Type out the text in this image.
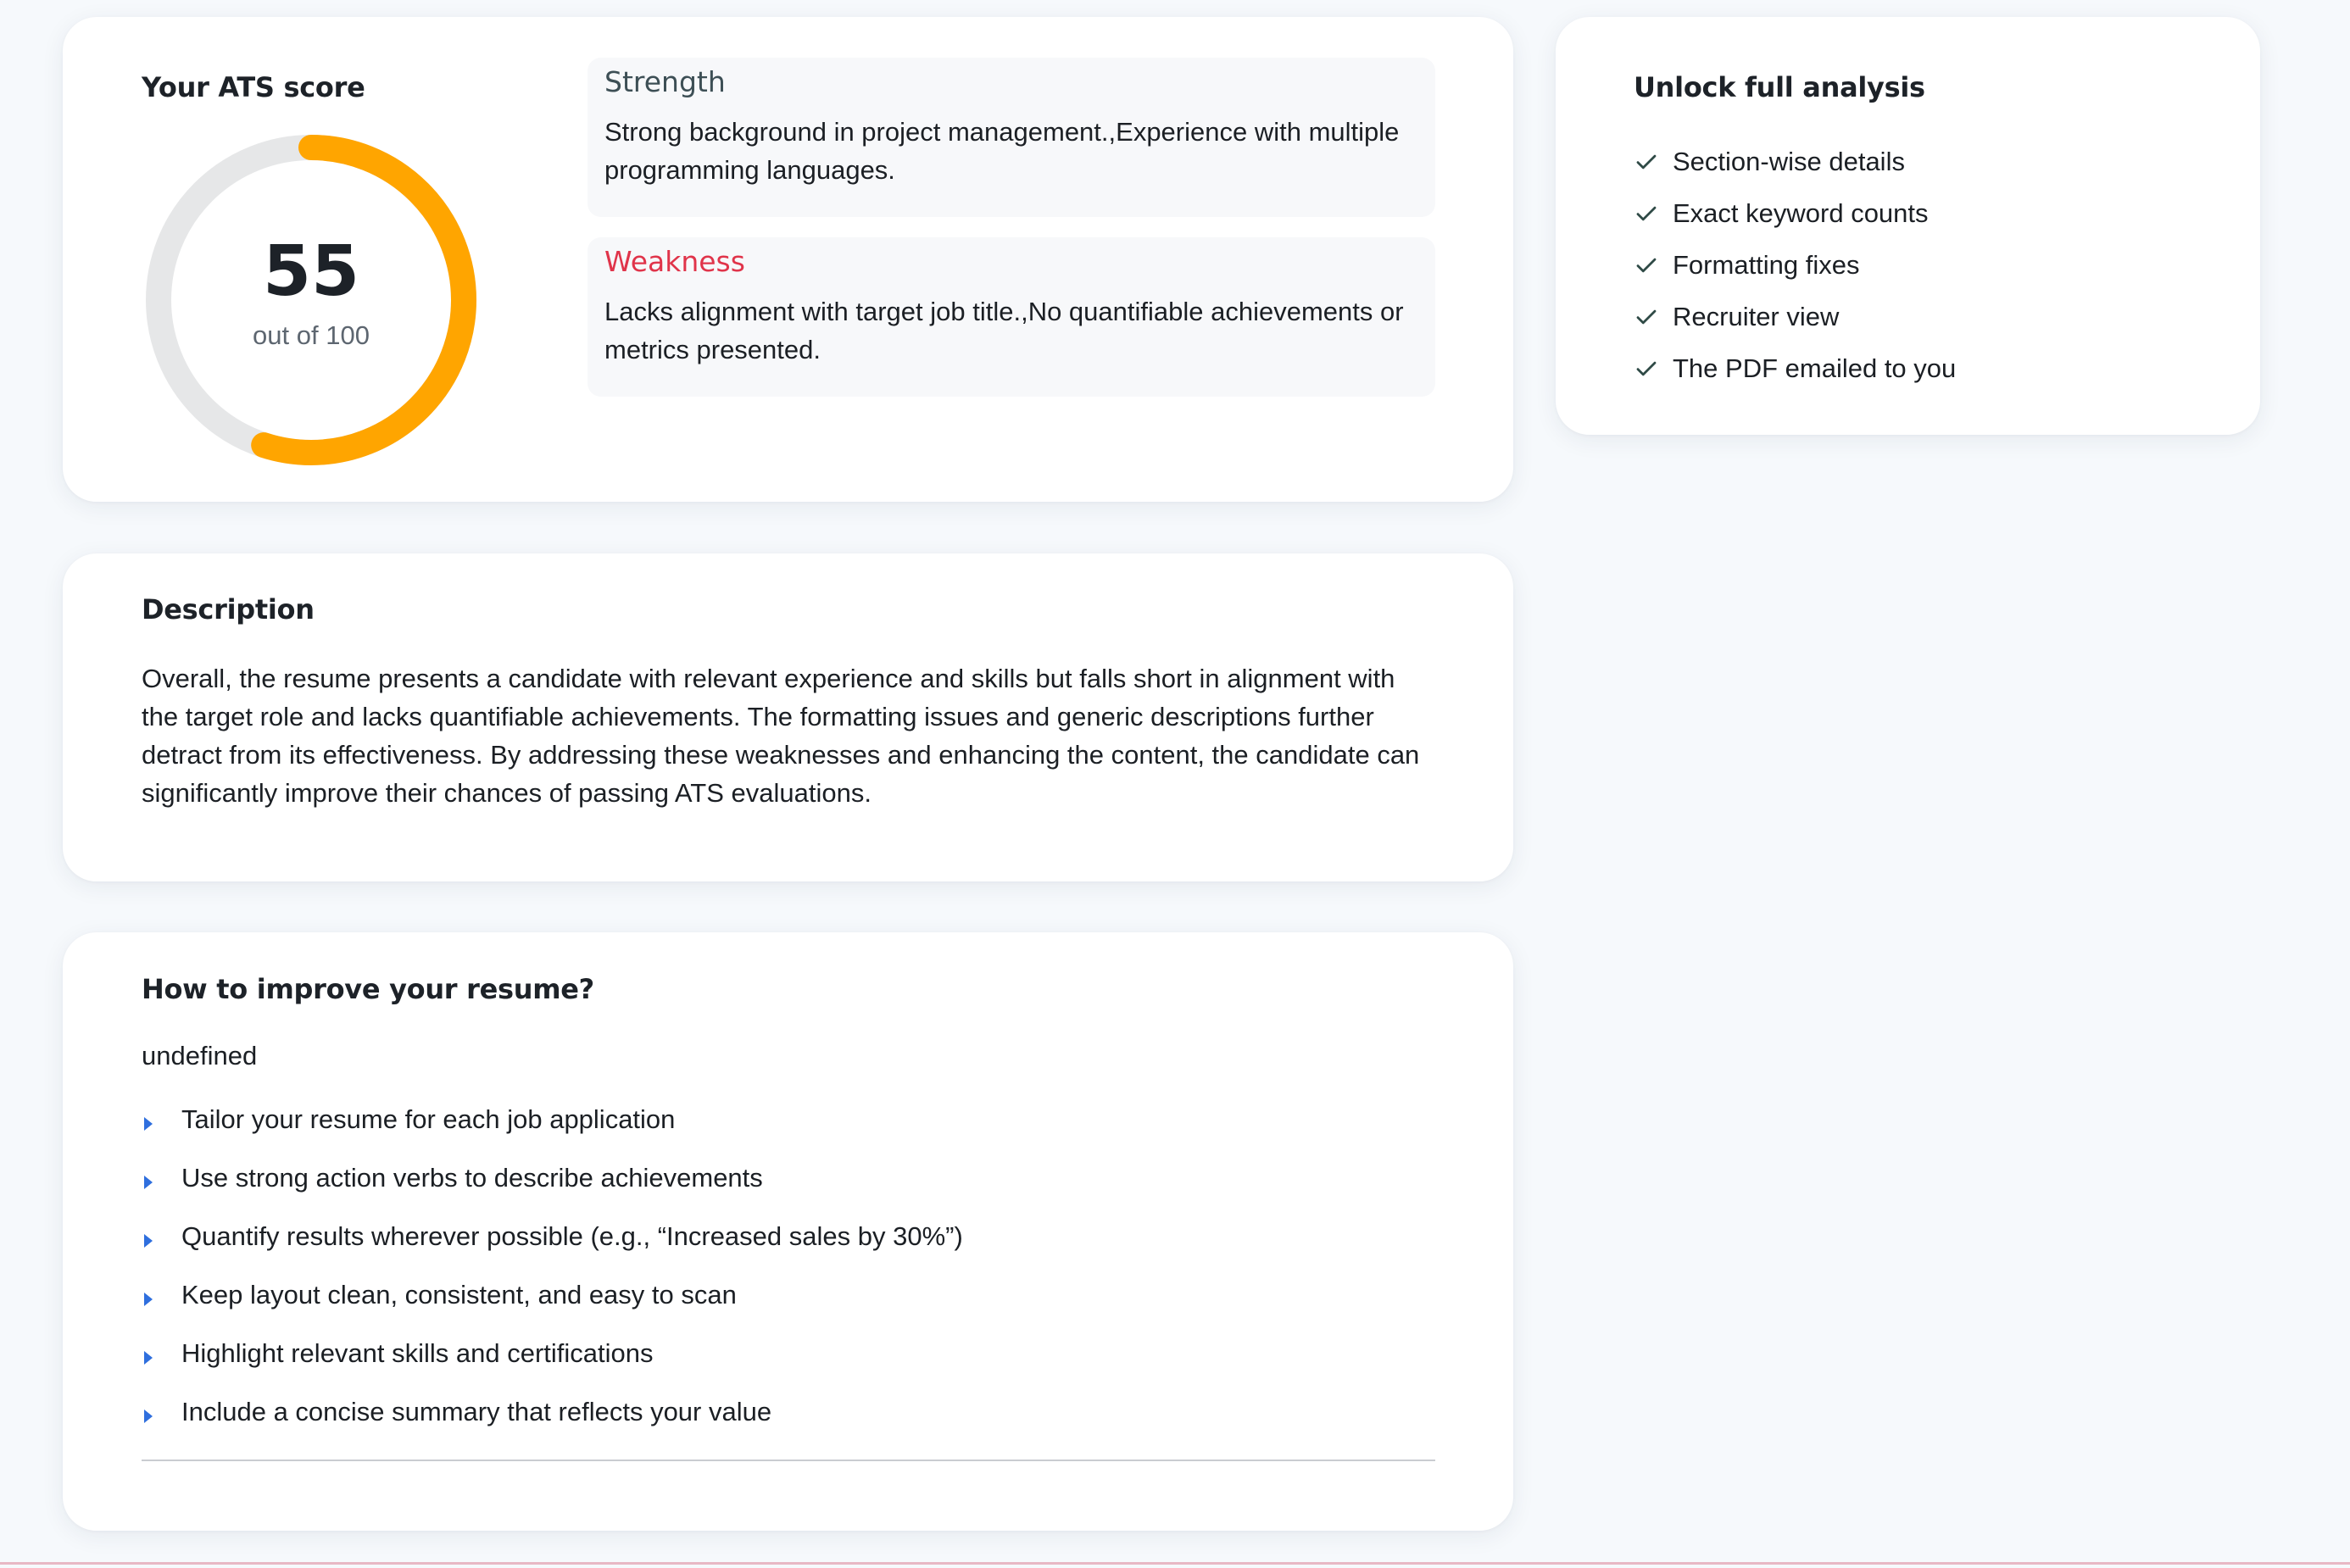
Your ATS score
55
out of 100
Strength

Strong background in project management.,Experience with multiple programming languages.

Weakness

Lacks alignment with target job title.,No quantifiable achievements or metrics presented.

Unlock full analysis
Section-wise details
Exact keyword counts
Formatting fixes
Recruiter view
The PDF emailed to you
Description

Overall, the resume presents a candidate with relevant experience and skills but falls short in alignment with the target role and lacks quantifiable achievements. The formatting issues and generic descriptions further detract from its effectiveness. By addressing these weaknesses and enhancing the content, the candidate can significantly improve their chances of passing ATS evaluations.

How to improve your resume?

undefined

Tailor your resume for each job application
Use strong action verbs to describe achievements
Quantify results wherever possible (e.g., “Increased sales by 30%”)
Keep layout clean, consistent, and easy to scan
Highlight relevant skills and certifications
Include a concise summary that reflects your value
